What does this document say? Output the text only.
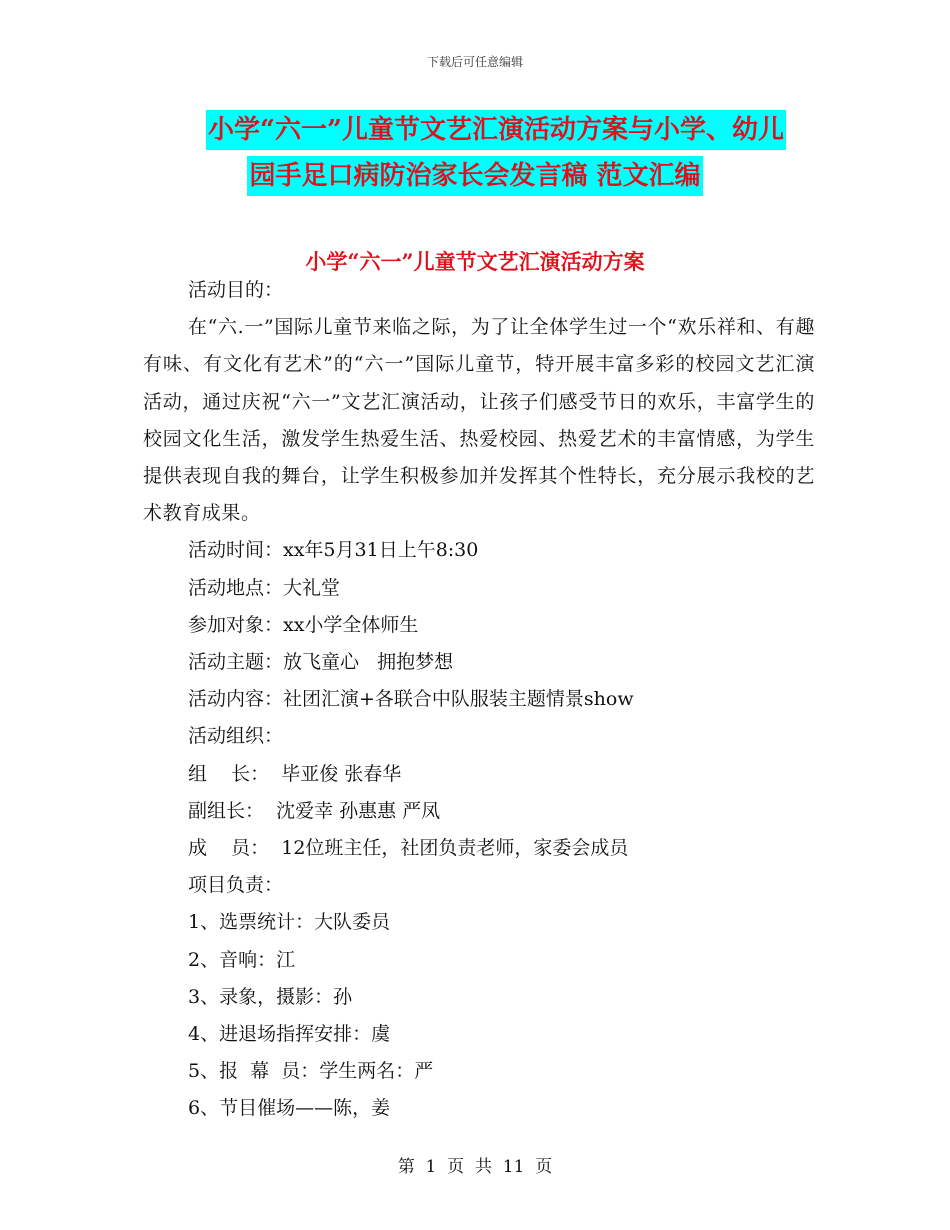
下载后可任意编辑
小学“六一”儿童节文艺汇演活动方案与小学、幼儿
园手足口病防治家长会发言稿 范文汇编
小学“六一”儿童节文艺汇演活动方案

活动目的：

在“六.一”国际儿童节来临之际，为了让全体学生过一个“欢乐祥和、有趣有味、有文化有艺术”的“六一”国际儿童节，特开展丰富多彩的校园文艺汇演活动，通过庆祝“六一”文艺汇演活动，让孩子们感受节日的欢乐，丰富学生的校园文化生活，激发学生热爱生活、热爱校园、热爱艺术的丰富情感，为学生提供表现自我的舞台，让学生积极参加并发挥其个性特长，充分展示我校的艺术教育成果。

活动时间：xx年5月31日上午8:30

活动地点：大礼堂

参加对象：xx小学全体师生

活动主题：放飞童心   拥抱梦想

活动内容：社团汇演+各联合中队服装主题情景show

活动组织：

组    长：  毕亚俊 张春华

副组长：  沈爱幸 孙惠惠 严凤

成    员：  12位班主任，社团负责老师，家委会成员

项目负责：

1、选票统计：大队委员

2、音响：江

3、录象，摄影：孙

4、进退场指挥安排：虞

5、报  幕  员：学生两名：严

6、节目催场——陈，姜

第  1  页  共  11  页
